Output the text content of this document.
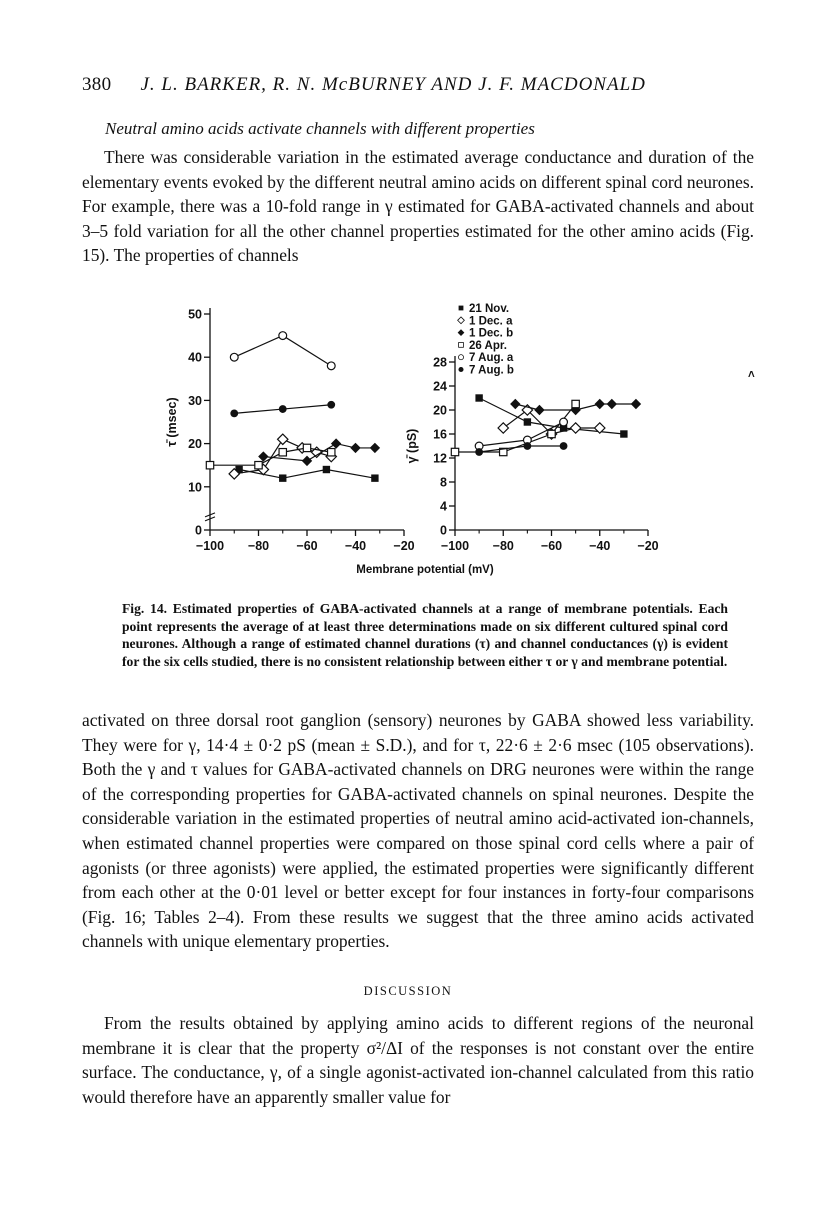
380 J. L. BARKER, R. N. McBURNEY AND J. F. MACDONALD
Neutral amino acids activate channels with different properties
There was considerable variation in the estimated average conductance and duration of the elementary events evoked by the different neutral amino acids on different spinal cord neurones. For example, there was a 10-fold range in γ estimated for GABA-activated channels and about 3–5 fold variation for all the other channel properties estimated for the other amino acids (Fig. 15). The properties of channels
0
10
20
30
40
50
−100 −80 −60 −40 −20
τ̄ (msec)
0
4
8
12
16
20
24
28
−100 −80 −60 −40 −20
γ̄ (pS)
21 Nov.
1 Dec. a
1 Dec. b
26 Apr.
7 Aug. a
7 Aug. b
Membrane potential (mV)
˄
Fig. 14. Estimated properties of GABA-activated channels at a range of membrane potentials. Each point represents the average of at least three determinations made on six different cultured spinal cord neurones. Although a range of estimated channel durations (τ) and channel conductances (γ) is evident for the six cells studied, there is no consistent relationship between either τ or γ and membrane potential.
activated on three dorsal root ganglion (sensory) neurones by GABA showed less variability. They were for γ, 14·4 ± 0·2 pS (mean ± S.D.), and for τ, 22·6 ± 2·6 msec (105 observations). Both the γ and τ values for GABA-activated channels on DRG neurones were within the range of the corresponding properties for GABA-activated channels on spinal neurones. Despite the considerable variation in the estimated properties of neutral amino acid-activated ion-channels, when estimated channel properties were compared on those spinal cord cells where a pair of agonists (or three agonists) were applied, the estimated properties were significantly different from each other at the 0·01 level or better except for four instances in forty-four comparisons (Fig. 16; Tables 2–4). From these results we suggest that the three amino acids activated channels with unique elementary properties.
DISCUSSION
From the results obtained by applying amino acids to different regions of the neuronal membrane it is clear that the property σ²/ΔI of the responses is not constant over the entire surface. The conductance, γ, of a single agonist-activated ion-channel calculated from this ratio would therefore have an apparently smaller value for
